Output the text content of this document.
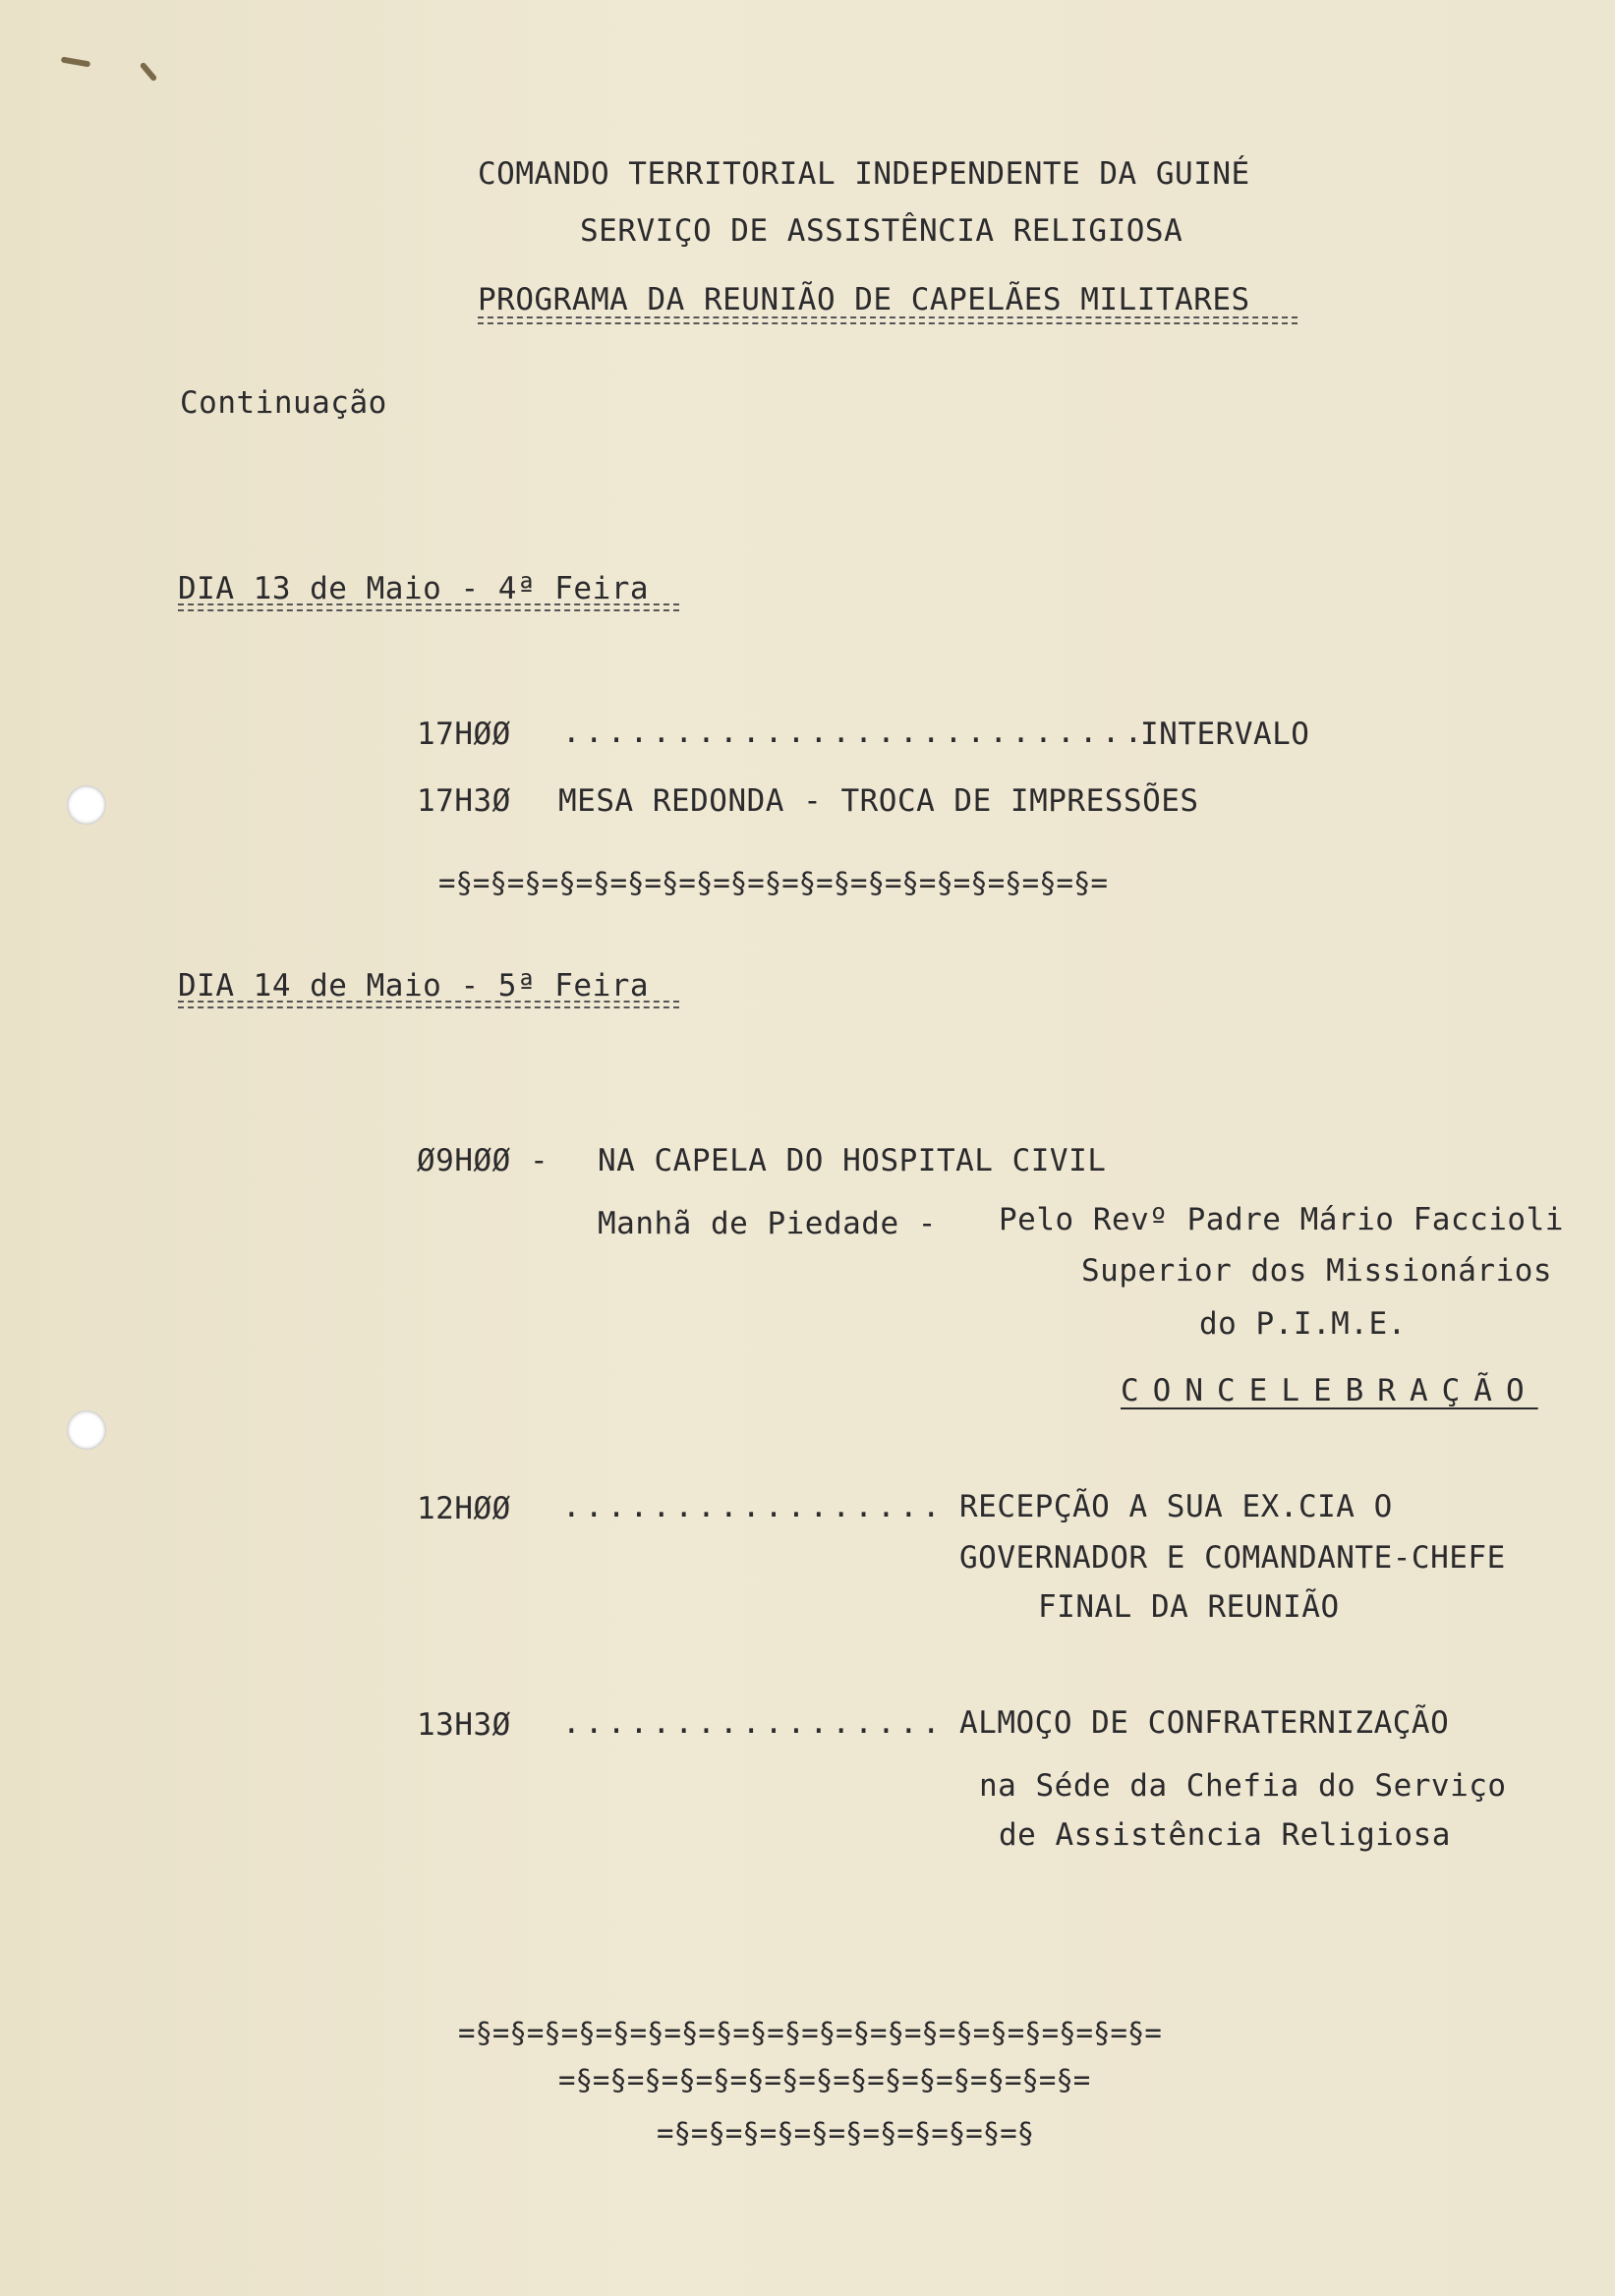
COMANDO TERRITORIAL INDEPENDENTE DA GUINÉ
SERVIÇO DE ASSISTÊNCIA RELIGIOSA
PROGRAMA DA REUNIÃO DE CAPELÃES MILITARES
Continuação
DIA 13 de Maio - 4ª Feira
17HØØ ..........................
INTERVALO
17H3Ø MESA REDONDA - TROCA DE IMPRESSÕES
=§=§=§=§=§=§=§=§=§=§=§=§=§=§=§=§=§=§=§=
DIA 14 de Maio - 5ª Feira
Ø9HØØ - NA CAPELA DO HOSPITAL CIVIL
Manhã de Piedade - Pelo Revº Padre Mário Faccioli
Superior dos Missionários
do P.I.M.E.
CONCELEBRAÇÃO
12HØØ ................. RECEPÇÃO A SUA EX.CIA O
GOVERNADOR E COMANDANTE-CHEFE
FINAL DA REUNIÃO
13H3Ø ................. ALMOÇO DE CONFRATERNIZAÇÃO
na Séde da Chefia do Serviço
de Assistência Religiosa
=§=§=§=§=§=§=§=§=§=§=§=§=§=§=§=§=§=§=§=§=
=§=§=§=§=§=§=§=§=§=§=§=§=§=§=§=
=§=§=§=§=§=§=§=§=§=§=§
